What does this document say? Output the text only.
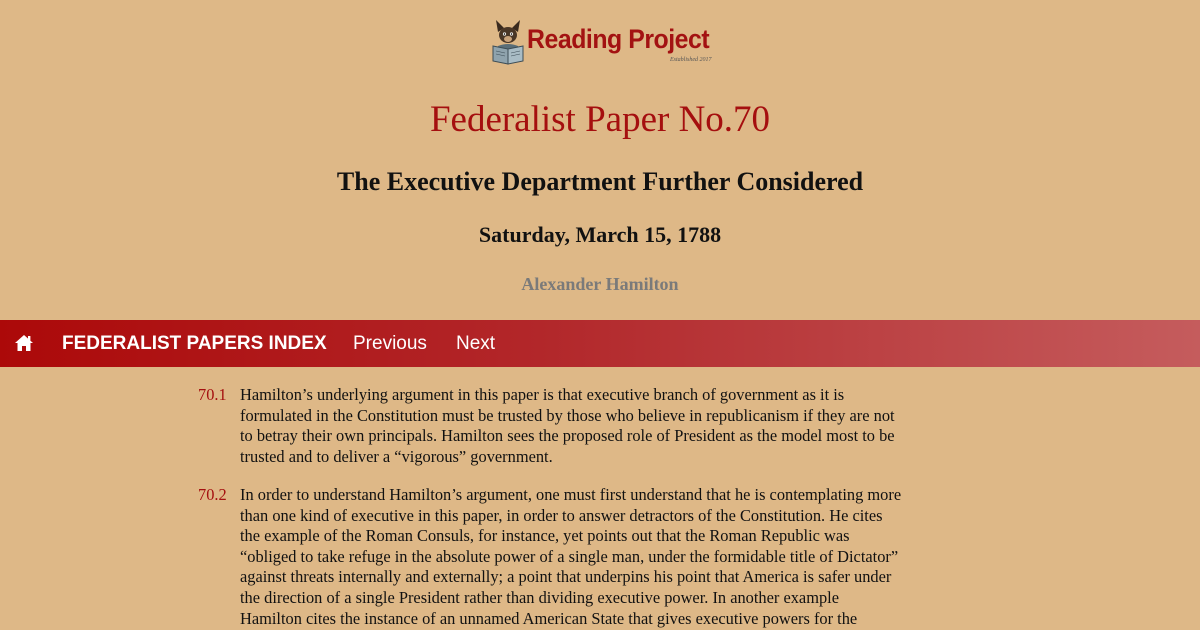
Reading Project
Established 2017
Federalist Paper No.70
The Executive Department Further Considered
Saturday, March 15, 1788
Alexander Hamilton
FEDERALIST PAPERS INDEX Previous Next
70.1 Hamilton’s underlying argument in this paper is that executive branch of government as it is
formulated in the Constitution must be trusted by those who believe in republicanism if they are not
to betray their own principals. Hamilton sees the proposed role of President as the model most to be
trusted and to deliver a “vigorous” government.
70.2 In order to understand Hamilton’s argument, one must first understand that he is contemplating more
than one kind of executive in this paper, in order to answer detractors of the Constitution. He cites
the example of the Roman Consuls, for instance, yet points out that the Roman Republic was
“obliged to take refuge in the absolute power of a single man, under the formidable title of Dictator”
against threats internally and externally; a point that underpins his point that America is safer under
the direction of a single President rather than dividing executive power. In another example
Hamilton cites the instance of an unnamed American State that gives executive powers for the
